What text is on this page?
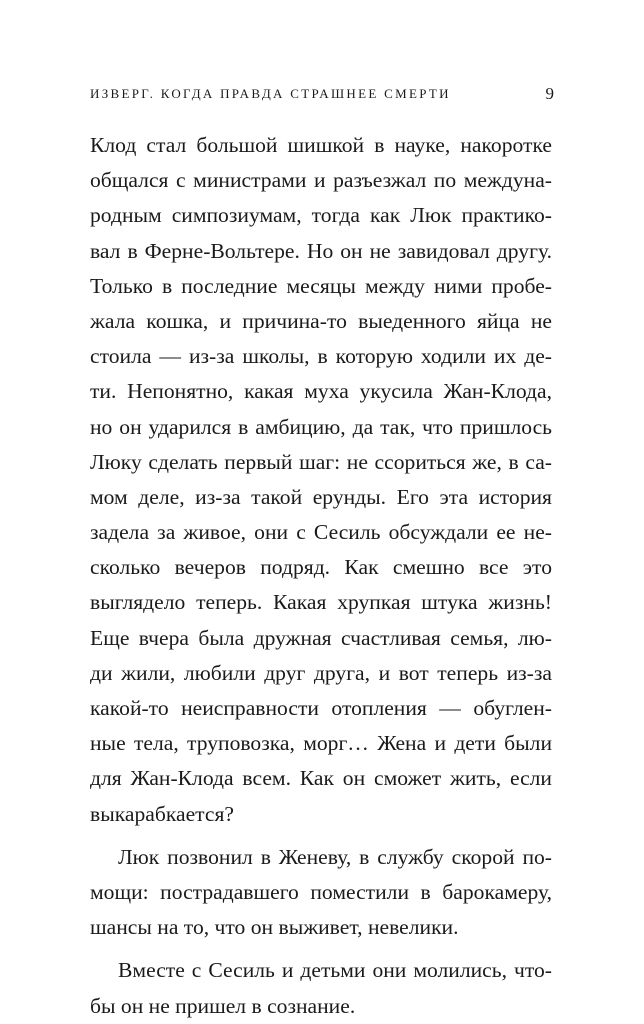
ИЗВЕРГ. КОГДА ПРАВДА СТРАШНЕЕ СМЕРТИ	9
Клод стал большой шишкой в науке, накоротке
общался с министрами и разъезжал по междуна-
родным симпозиумам, тогда как Люк практико-
вал в Ферне-Вольтере. Но он не завидовал другу.
Только в последние месяцы между ними пробе-
жала кошка, и причина-то выеденного яйца не
стоила — из-за школы, в которую ходили их де-
ти. Непонятно, какая муха укусила Жан-Клода,
но он ударился в амбицию, да так, что пришлось
Люку сделать первый шаг: не ссориться же, в са-
мом деле, из-за такой ерунды. Его эта история
задела за живое, они с Сесиль обсуждали ее не-
сколько вечеров подряд. Как смешно все это
выглядело теперь. Какая хрупкая штука жизнь!
Еще вчера была дружная счастливая семья, лю-
ди жили, любили друг друга, и вот теперь из-за
какой-то неисправности отопления — обуглен-
ные тела, труповозка, морг… Жена и дети были
для Жан-Клода всем. Как он сможет жить, если
выкарабкается?
Люк позвонил в Женеву, в службу скорой по-
мощи: пострадавшего поместили в барокамеру,
шансы на то, что он выживет, невелики.
Вместе с Сесиль и детьми они молились, что-
бы он не пришел в сознание.
